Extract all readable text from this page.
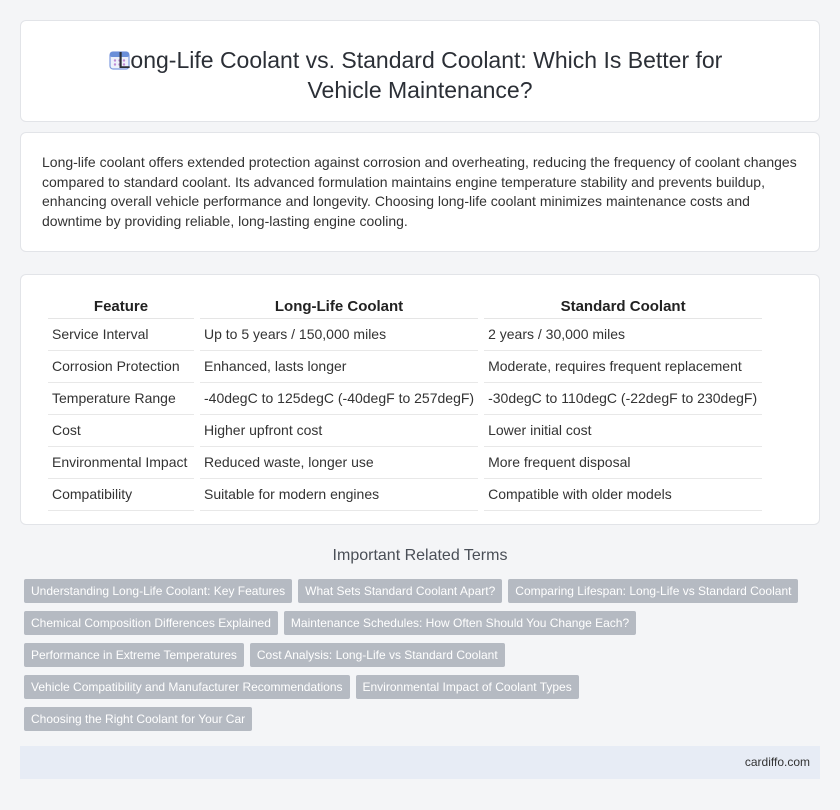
Long-Life Coolant vs. Standard Coolant: Which Is Better for Vehicle Maintenance?

Long-life coolant offers extended protection against corrosion and overheating, reducing the frequency of coolant changes compared to standard coolant. Its advanced formulation maintains engine temperature stability and prevents buildup, enhancing overall vehicle performance and longevity. Choosing long-life coolant minimizes maintenance costs and downtime by providing reliable, long-lasting engine cooling.

Feature	Long-Life Coolant	Standard Coolant
Service Interval	Up to 5 years / 150,000 miles	2 years / 30,000 miles
Corrosion Protection	Enhanced, lasts longer	Moderate, requires frequent replacement
Temperature Range	-40degC to 125degC (-40degF to 257degF)	-30degC to 110degC (-22degF to 230degF)
Cost	Higher upfront cost	Lower initial cost
Environmental Impact	Reduced waste, longer use	More frequent disposal
Compatibility	Suitable for modern engines	Compatible with older models
Important Related Terms
Understanding Long-Life Coolant: Key Features What Sets Standard Coolant Apart? Comparing Lifespan: Long-Life vs Standard Coolant
Chemical Composition Differences Explained Maintenance Schedules: How Often Should You Change Each?
Performance in Extreme Temperatures Cost Analysis: Long-Life vs Standard Coolant
Vehicle Compatibility and Manufacturer Recommendations Environmental Impact of Coolant Types
Choosing the Right Coolant for Your Car
cardiffo.com
